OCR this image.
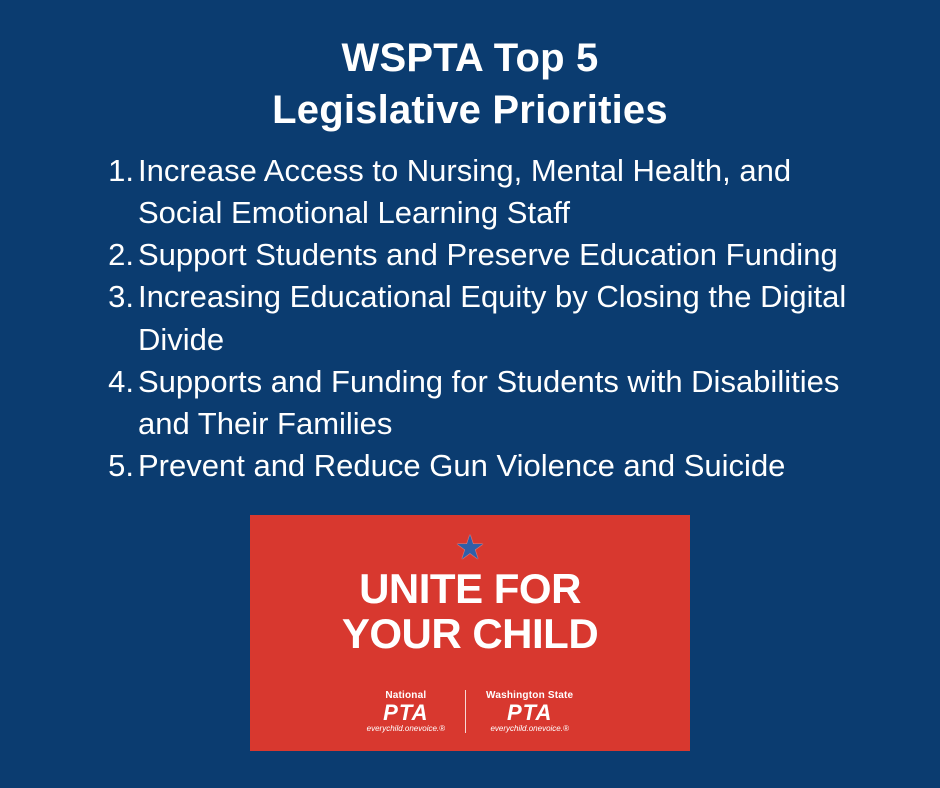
WSPTA Top 5
Legislative Priorities
1. Increase Access to Nursing, Mental Health, and Social Emotional Learning Staff
2. Support Students and Preserve Education Funding
3. Increasing Educational Equity by Closing the Digital Divide
4. Supports and Funding for Students with Disabilities and Their Families
5. Prevent and Reduce Gun Violence and Suicide
★
UNITE FOR
YOUR CHILD
National
PTA
everychild.onevoice.®
Washington State
PTA
everychild.onevoice.®
